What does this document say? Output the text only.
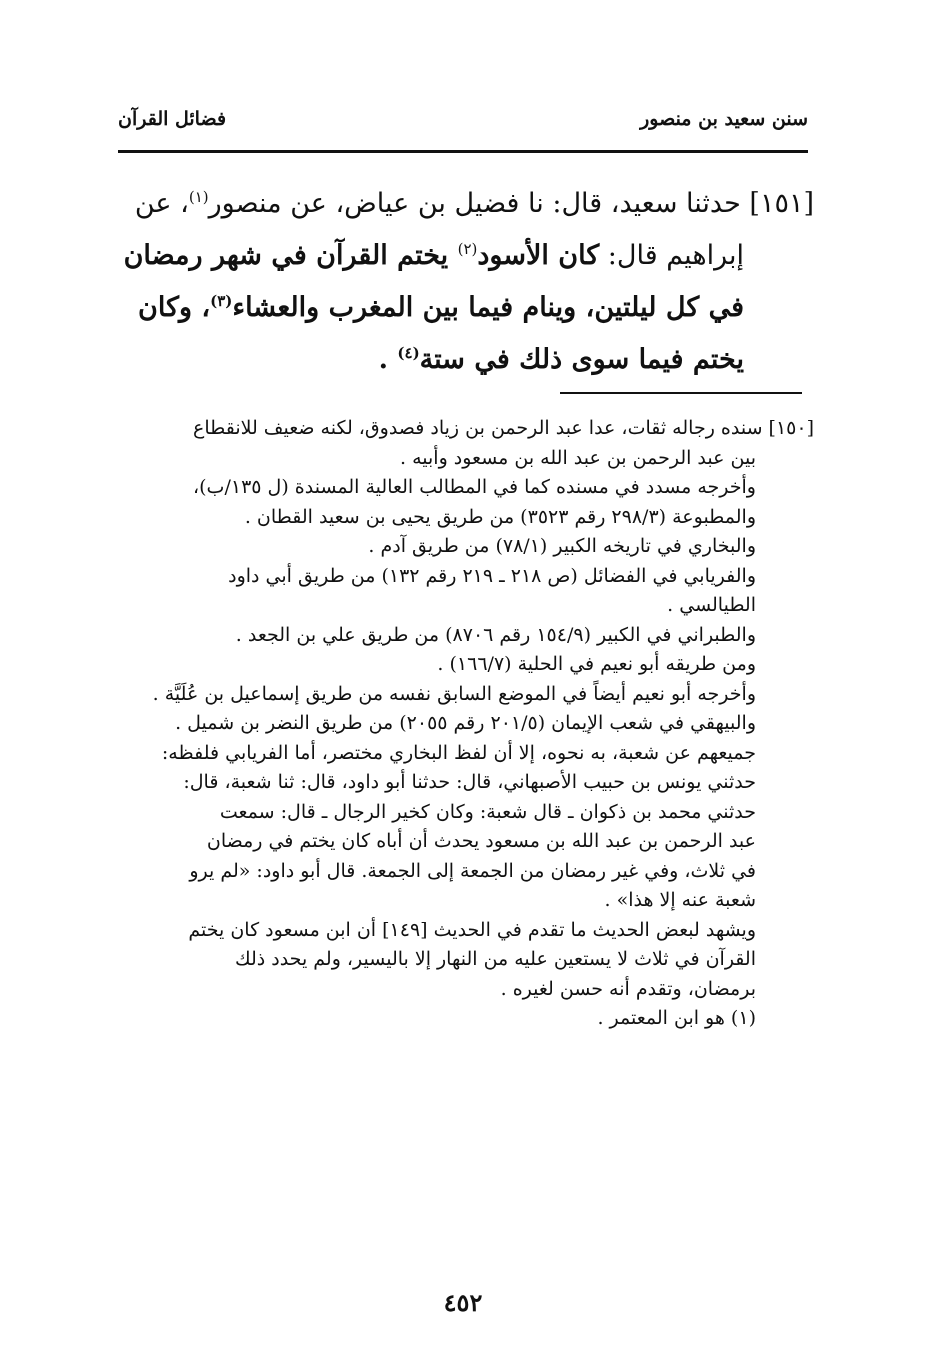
سنن سعيد بن منصور
فضائل القرآن
[١٥١] حدثنا سعيد، قال: نا فضيل بن عياض، عن منصور$^{(١)}$، عن
إبراهيم قال: كان الأسود$^{(٢)}$ يختم القرآن في شهر رمضان
في كل ليلتين، وينام فيما بين المغرب والعشاء$^{(٣)}$، وكان
يختم فيما سوى ذلك في ستة$^{(٤)}$ .
[١٥٠] سنده رجاله ثقات، عدا عبد الرحمن بن زياد فصدوق، لكنه ضعيف للانقطاع
بين عبد الرحمن بن عبد الله بن مسعود وأبيه .
وأخرجه مسدد في مسنده كما في المطالب العالية المسندة (ل ١٣٥/ب)،
والمطبوعة (٢٩٨/٣ رقم ٣٥٢٣) من طريق يحيى بن سعيد القطان .
والبخاري في تاريخه الكبير (٧٨/١) من طريق آدم .
والفريابي في الفضائل (ص ٢١٨ ـ ٢١٩ رقم ١٣٢) من طريق أبي داود
الطيالسي .
والطبراني في الكبير (١٥٤/٩ رقم ٨٧٠٦) من طريق علي بن الجعد .
ومن طريقه أبو نعيم في الحلية (١٦٦/٧) .
وأخرجه أبو نعيم أيضاً في الموضع السابق نفسه من طريق إسماعيل بن عُلَيَّة .
والبيهقي في شعب الإيمان (٢٠١/٥ رقم ٢٠٥٥) من طريق النضر بن شميل .
جميعهم عن شعبة، به نحوه، إلا أن لفظ البخاري مختصر، أما الفريابي فلفظه:
حدثني يونس بن حبيب الأصبهاني، قال: حدثنا أبو داود، قال: ثنا شعبة، قال:
حدثني محمد بن ذكوان ـ قال شعبة: وكان كخير الرجال ـ قال: سمعت
عبد الرحمن بن عبد الله بن مسعود يحدث أن أباه كان يختم في رمضان
في ثلاث، وفي غير رمضان من الجمعة إلى الجمعة. قال أبو داود: «لم يرو
شعبة عنه إلا هذا» .
ويشهد لبعض الحديث ما تقدم في الحديث [١٤٩] أن ابن مسعود كان يختم
القرآن في ثلاث لا يستعين عليه من النهار إلا باليسير، ولم يحدد ذلك
برمضان، وتقدم أنه حسن لغيره .
(١) هو ابن المعتمر .
٤٥٢
